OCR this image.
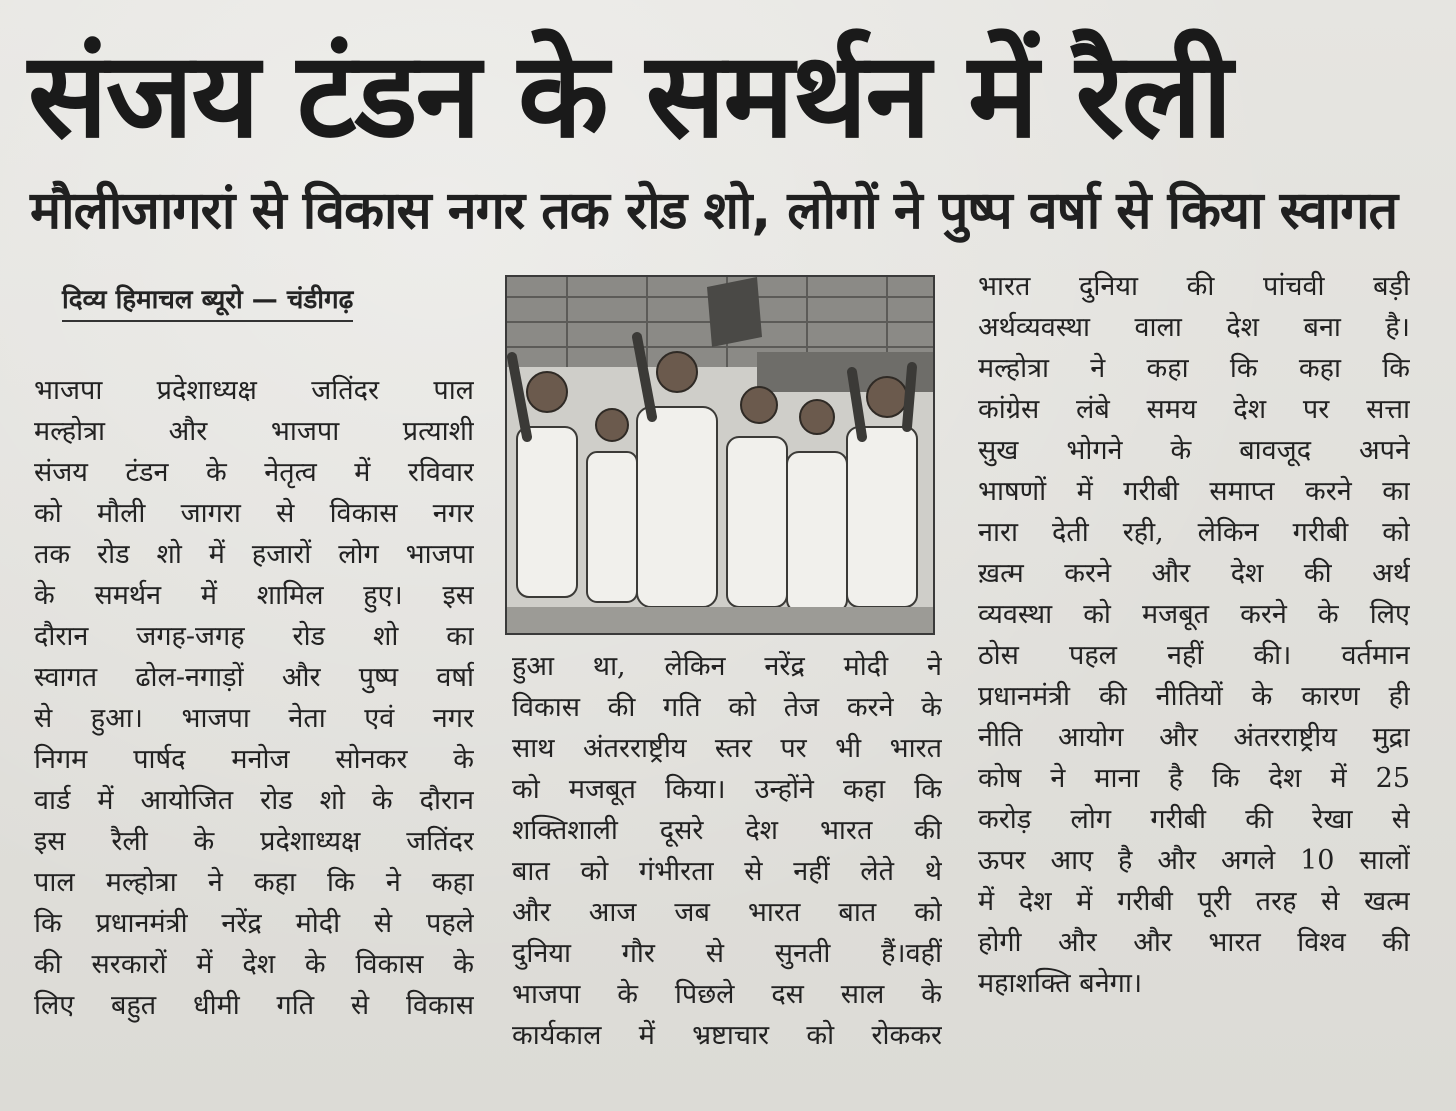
संजय टंडन के समर्थन में रैली
मौलीजागरां से विकास नगर तक रोड शो, लोगों ने पुष्प वर्षा से किया स्वागत
दिव्य हिमाचल ब्यूरो — चंडीगढ़

भाजपा प्रदेशाध्यक्ष जतिंदर पाल

मल्होत्रा और भाजपा प्रत्याशी

संजय टंडन के नेतृत्व में रविवार

को मौली जागरा से विकास नगर

तक रोड शो में हजारों लोग भाजपा

के समर्थन में शामिल हुए। इस

दौरान जगह-जगह रोड शो का

स्वागत ढोल-नगाड़ों और पुष्प वर्षा

से हुआ। भाजपा नेता एवं नगर

निगम पार्षद मनोज सोनकर के

वार्ड में आयोजित रोड शो के दौरान

इस रैली के प्रदेशाध्यक्ष जतिंदर

पाल मल्होत्रा ने कहा कि ने कहा

कि प्रधानमंत्री नरेंद्र मोदी से पहले

की सरकारों में देश के विकास के

लिए बहुत धीमी गति से विकास

हुआ था, लेकिन नरेंद्र मोदी ने

विकास की गति को तेज करने के

साथ अंतरराष्ट्रीय स्तर पर भी भारत

को मजबूत किया। उन्होंने कहा कि

शक्तिशाली दूसरे देश भारत की

बात को गंभीरता से नहीं लेते थे

और आज जब भारत बात को

दुनिया गौर से सुनती हैं।वहीं

भाजपा के पिछले दस साल के

कार्यकाल में भ्रष्टाचार को रोककर

भारत दुनिया की पांचवी बड़ी

अर्थव्यवस्था वाला देश बना है।

मल्होत्रा ने कहा कि कहा कि

कांग्रेस लंबे समय देश पर सत्ता

सुख भोगने के बावजूद अपने

भाषणों में गरीबी समाप्त करने का

नारा देती रही, लेकिन गरीबी को

ख़त्म करने और देश की अर्थ

व्यवस्था को मजबूत करने के लिए

ठोस पहल नहीं की। वर्तमान

प्रधानमंत्री की नीतियों के कारण ही

नीति आयोग और अंतरराष्ट्रीय मुद्रा

कोष ने माना है कि देश में 25

करोड़ लोग गरीबी की रेखा से

ऊपर आए है और अगले 10 सालों

में देश में गरीबी पूरी तरह से खत्म

होगी और और भारत विश्व की

महाशक्ति बनेगा।
